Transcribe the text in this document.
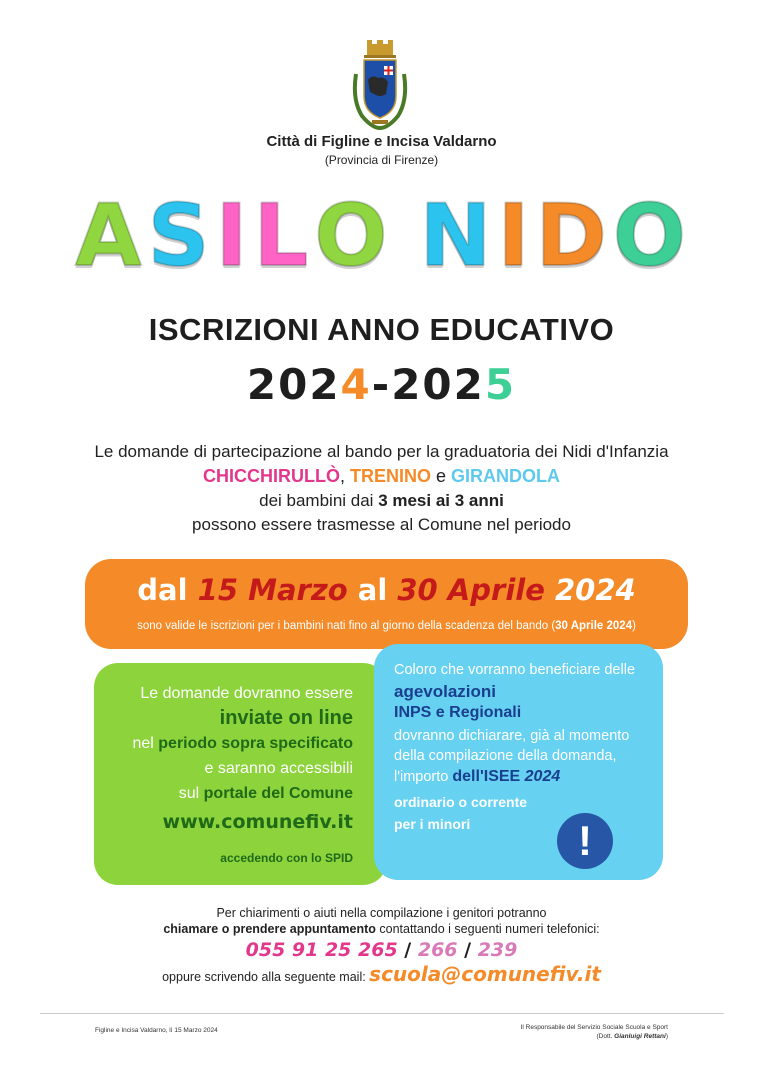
Città di Figline e Incisa Valdarno
(Provincia di Firenze)
ASILO NIDO
ISCRIZIONI ANNO EDUCATIVO
2024-2025
Le domande di partecipazione al bando per la graduatoria dei Nidi d'Infanzia
CHICCHIRULLÒ, TRENINO e GIRANDOLA
dei bambini dai 3 mesi ai 3 anni
possono essere trasmesse al Comune nel periodo
dal 15 Marzo al 30 Aprile 2024
sono valide le iscrizioni per i bambini nati fino al giorno della scadenza del bando (30 Aprile 2024)
Le domande dovranno essere
inviate on line
nel periodo sopra specificato
e saranno accessibili
sul portale del Comune
www.comunefiv.it
accedendo con lo SPID
Coloro che vorranno beneficiare delle
agevolazioni
INPS e Regionali
dovranno dichiarare, già al momento
della compilazione della domanda,
l'importo dell'ISEE 2024
ordinario o corrente
per i minori	!
Per chiarimenti o aiuti nella compilazione i genitori potranno
chiamare o prendere appuntamento contattando i seguenti numeri telefonici:
055 91 25 265 / 266 / 239
oppure scrivendo alla seguente mail: scuola@comunefiv.it
Figline e Incisa Valdarno, lì 15 Marzo 2024	Il Responsabile del Servizio Sociale Scuola e Sport
(Dott. Gianluigi Rettani)
